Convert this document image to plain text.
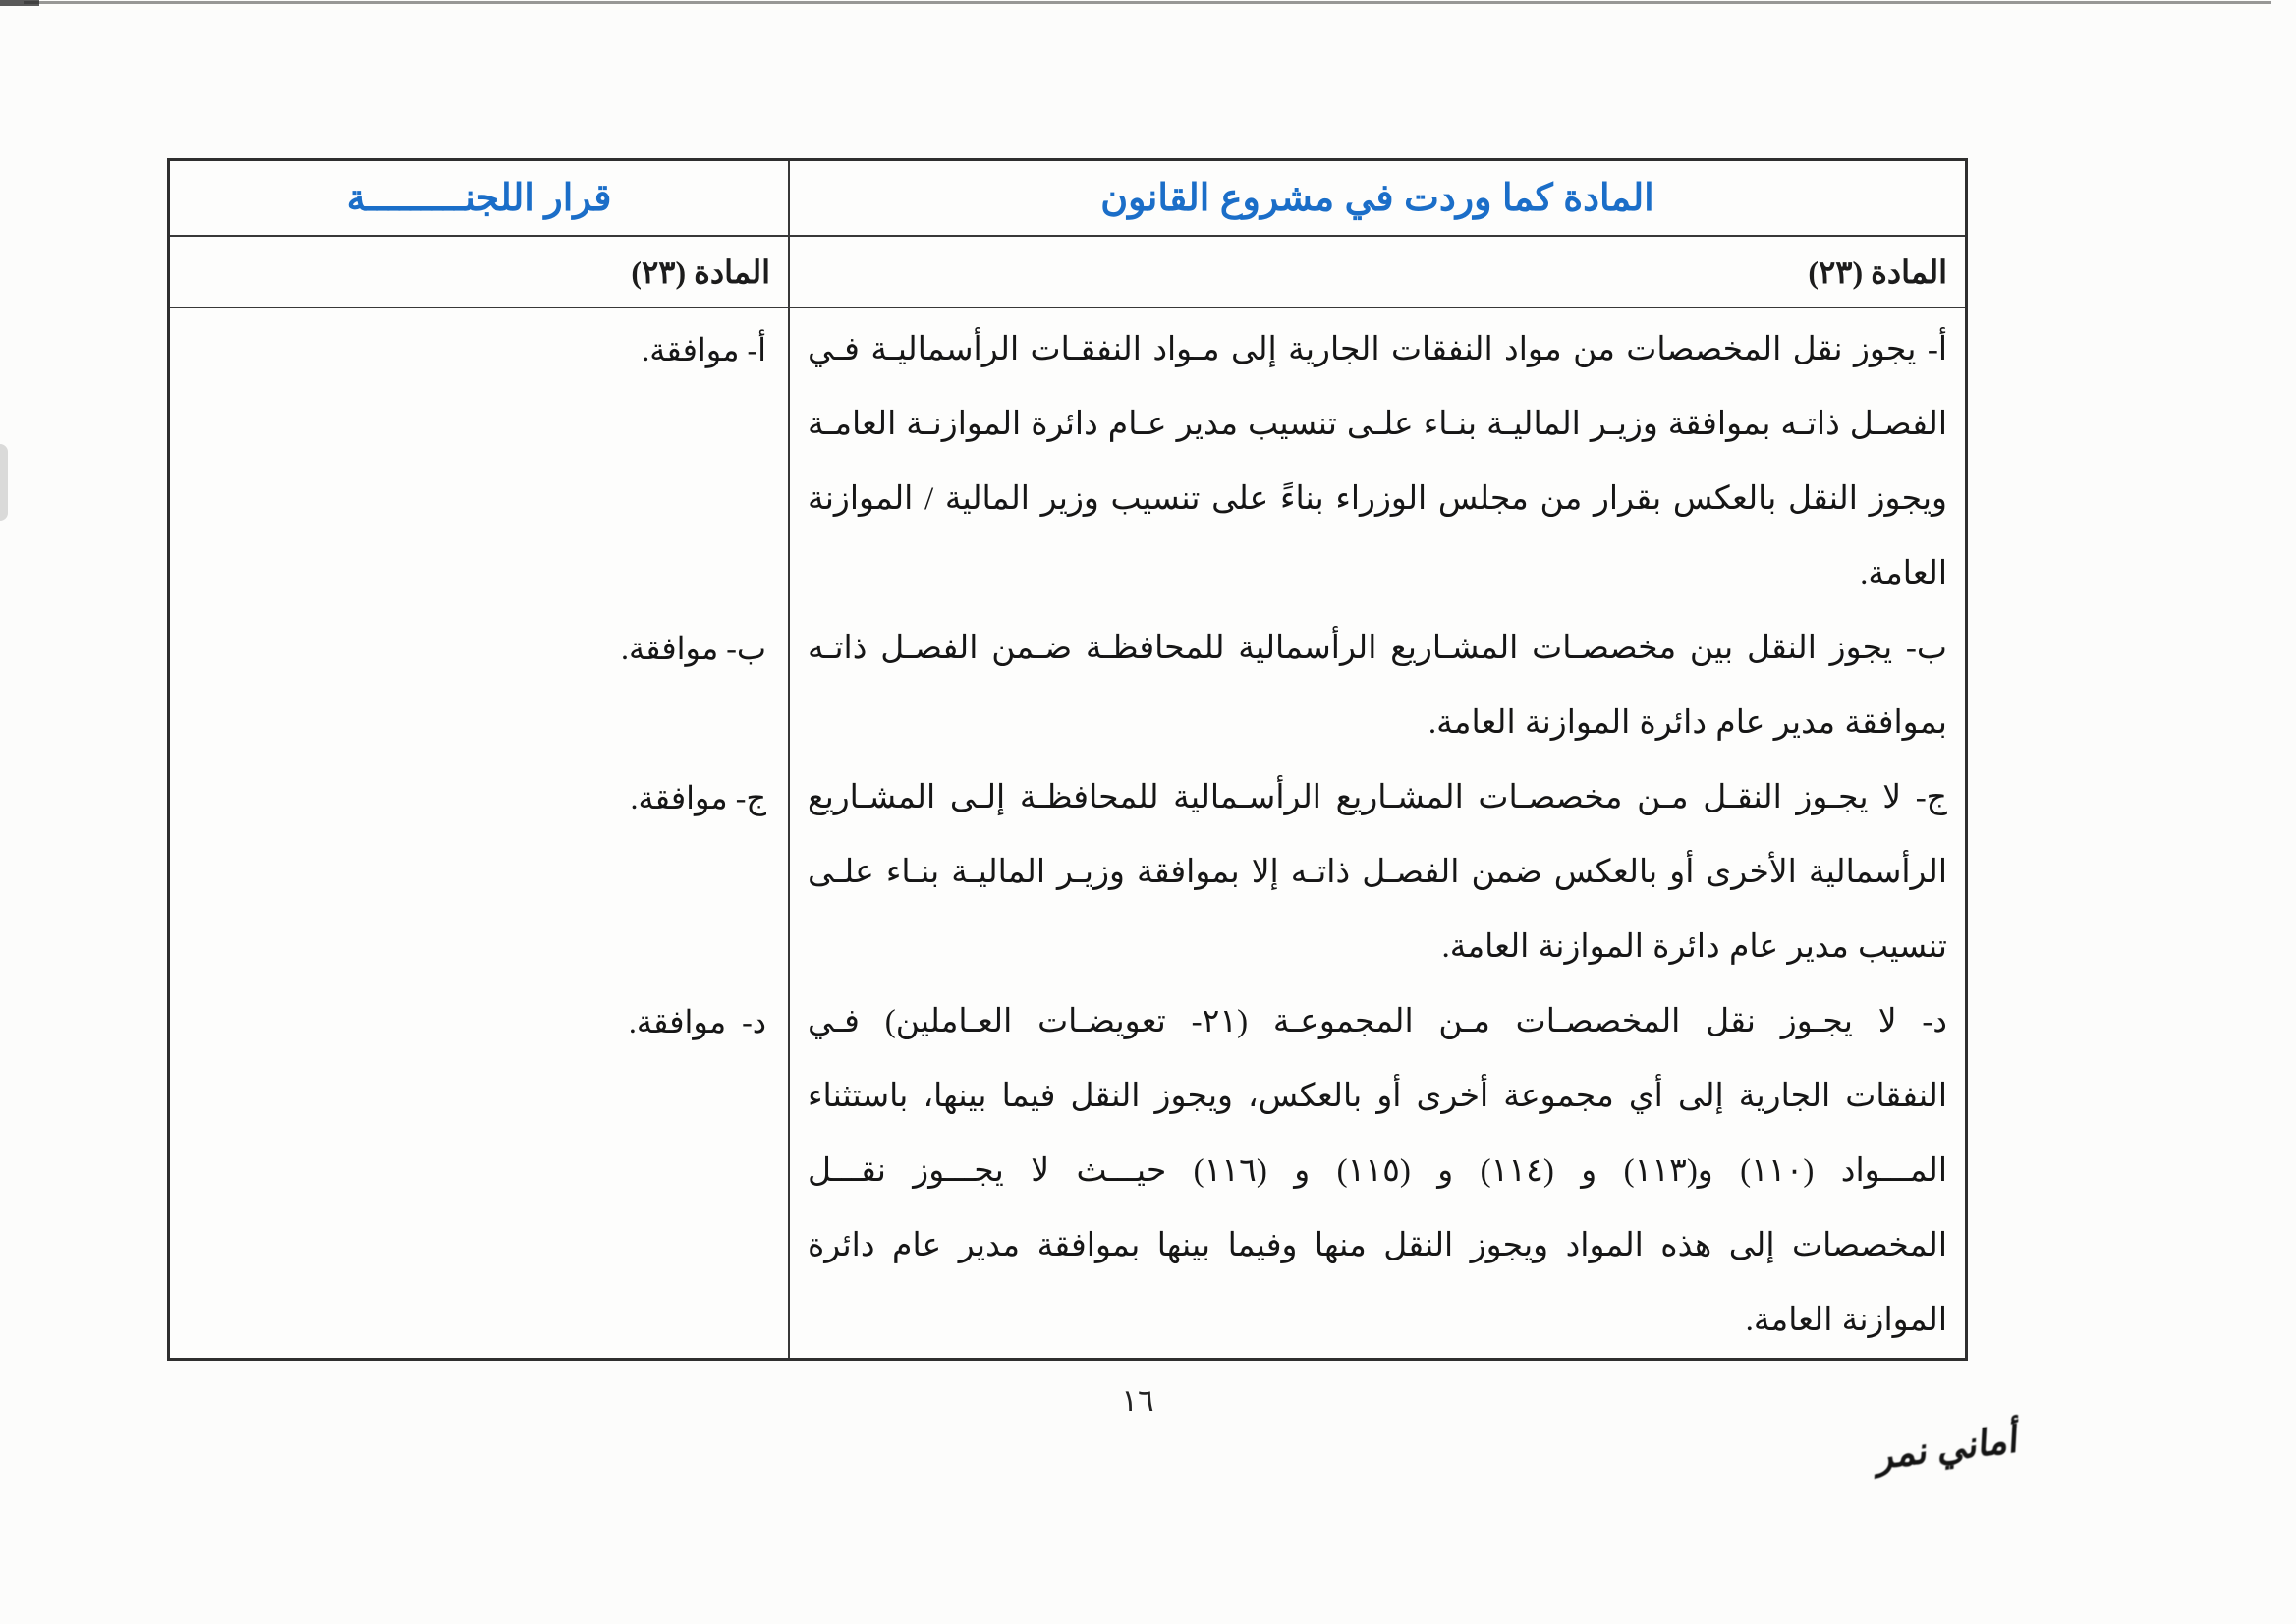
المادة كما وردت في مشروع القانون
قرار اللجنـــــــــة
المادة (٢٣)
المادة (٢٣)
أ- يجوز نقل المخصصات من مواد النفقات الجارية إلى مـواد النفقـات الرأسماليـة فـي
الفصـل ذاتـه بموافقة وزيـر الماليـة بنـاء علـى تنسيب مدير عـام دائرة الموازنـة العامـة
ويجوز النقل بالعكس بقرار من مجلس الوزراء بناءً على تنسيب وزير المالية / الموازنة
العامة.
ب- يجوز النقل بين مخصصـات المشـاريع الرأسمالية للمحافظـة ضـمن الفصـل ذاتـه
بموافقة مدير عام دائرة الموازنة العامة.
ج- لا يجـوز النقـل مـن مخصصـات المشـاريع الرأسـمالية للمحافظـة إلـى المشـاريع
الرأسمالية الأخرى أو بالعكس ضمن الفصـل ذاتـه إلا بموافقة وزيـر الماليـة بنـاء علـى
تنسيب مدير عام دائرة الموازنة العامة.
د- لا يجـوز نقل المخصصـات مـن المجموعـة (٢١- تعويضـات العـاملين) فـي
النفقات الجارية إلى أي مجموعة أخرى أو بالعكس، ويجوز النقل فيما بينها، باستثناء
المـــواد (١١٠) و(١١٣) و (١١٤) و (١١٥) و (١١٦) حيـــث لا يجـــوز نقـــل
المخصصات إلى هذه المواد ويجوز النقل منها وفيما بينها بموافقة مدير عام دائرة
الموازنة العامة.
أ- موافقة.
ب- موافقة.
ج- موافقة.
د-  موافقة.
١٦
أماني نمر
